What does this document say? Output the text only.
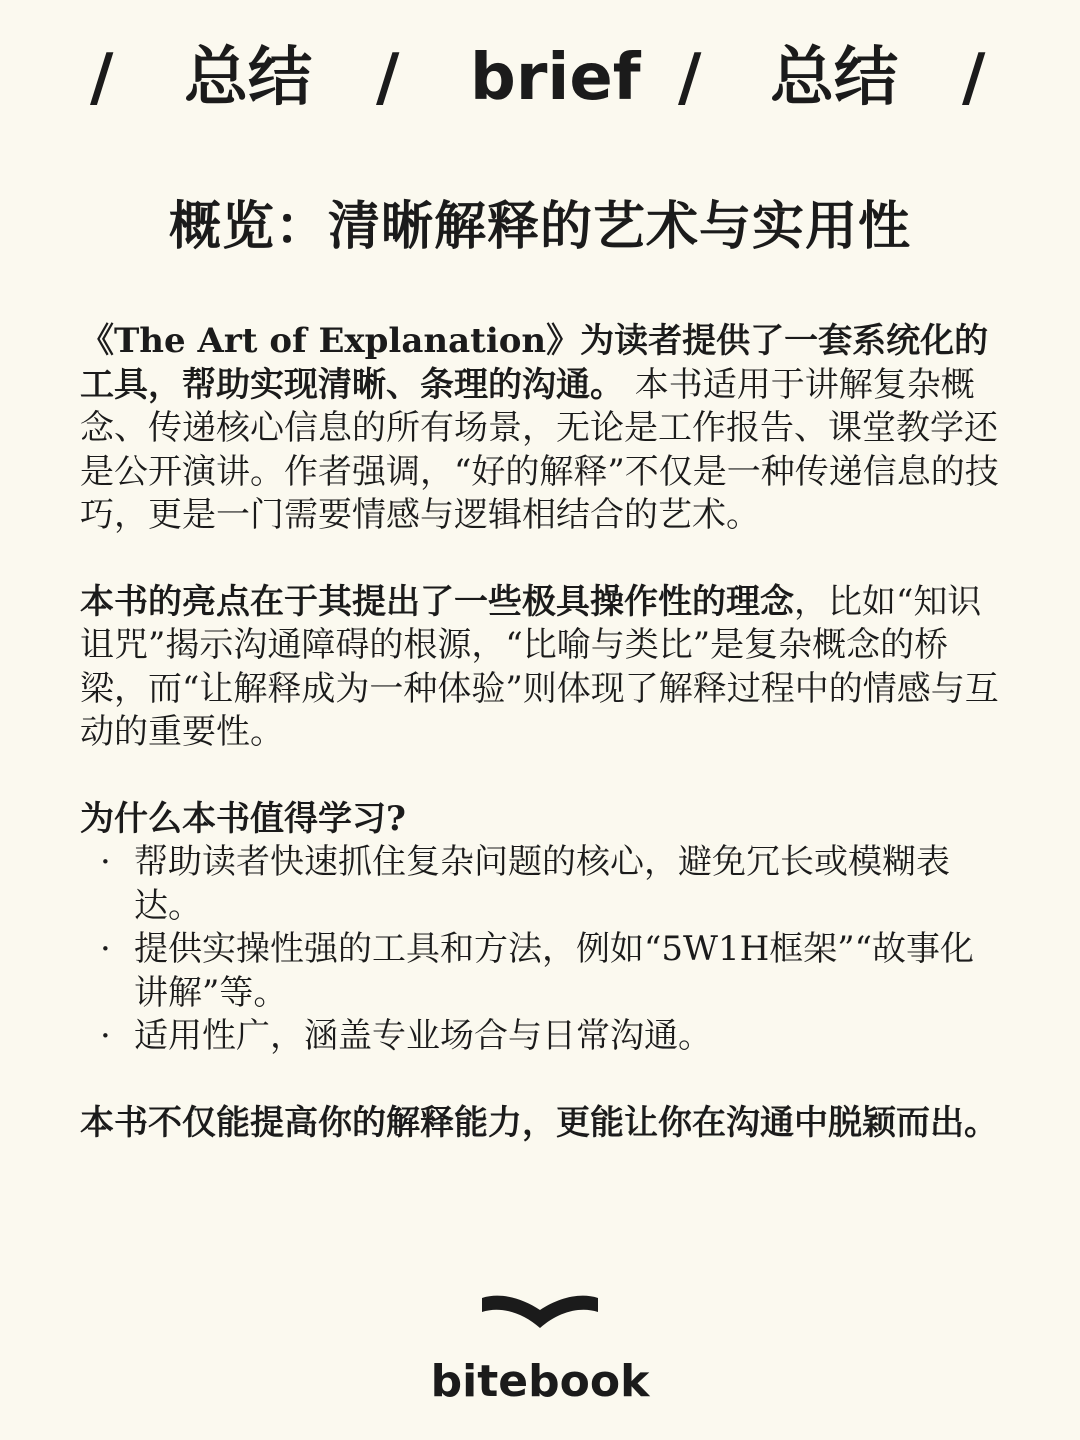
/ 总结 / brief / 总结 /
概览：清晰解释的艺术与实用性

《The Art of Explanation》为读者提供了一套系统化的工具，帮助实现清晰、条理的沟通。 本书适用于讲解复杂概念、传递核心信息的所有场景，无论是工作报告、课堂教学还是公开演讲。作者强调，“好的解释”不仅是一种传递信息的技巧，更是一门需要情感与逻辑相结合的艺术。

本书的亮点在于其提出了一些极具操作性的理念，比如“知识诅咒”揭示沟通障碍的根源，“比喻与类比”是复杂概念的桥梁，而“让解释成为一种体验”则体现了解释过程中的情感与互动的重要性。

为什么本书值得学习?

· 帮助读者快速抓住复杂问题的核心，避免冗长或模糊表达。
· 提供实操性强的工具和方法，例如“5W1H框架”“故事化讲解”等。
· 适用性广，涵盖专业场合与日常沟通。

本书不仅能提高你的解释能力，更能让你在沟通中脱颖而出。

bitebook
